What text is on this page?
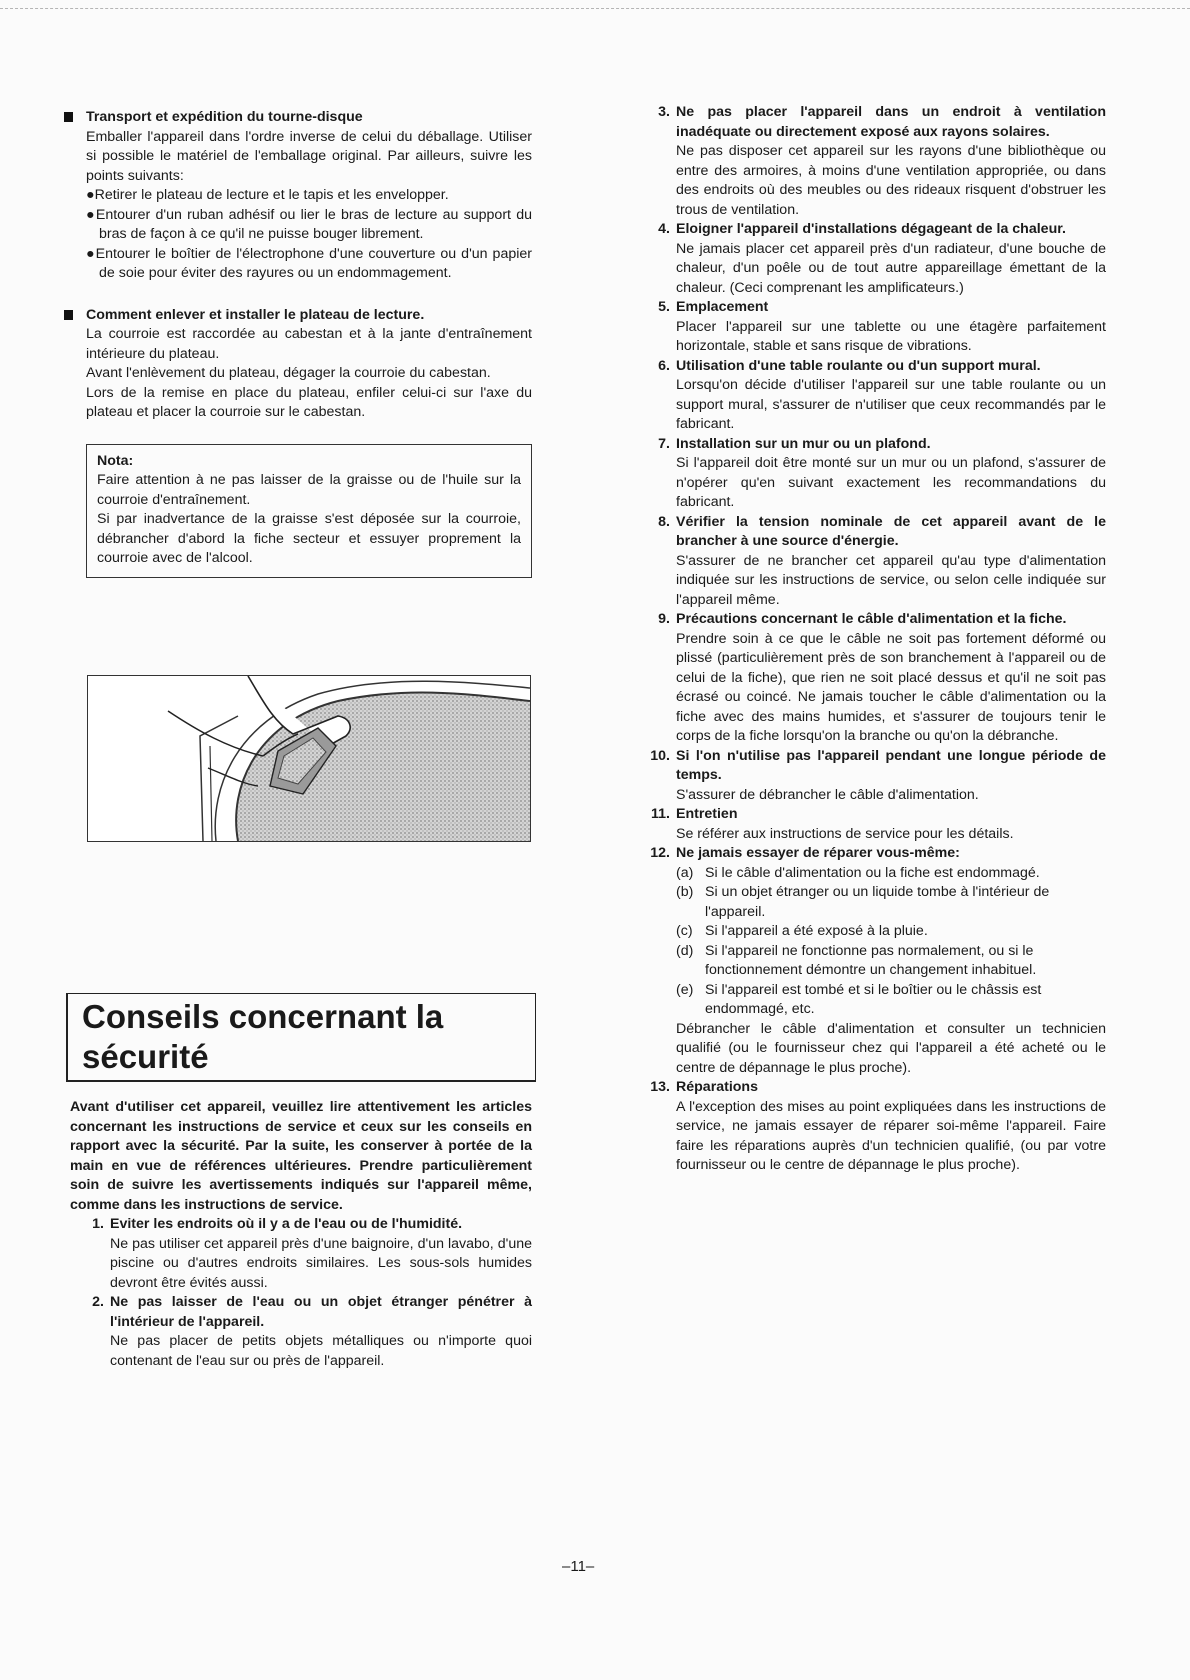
Transport et expédition du tourne-disque

Emballer l'appareil dans l'ordre inverse de celui du déballage. Utiliser si possible le matériel de l'emballage original. Par ailleurs, suivre les points suivants:

●Retirer le plateau de lecture et le tapis et les envelopper.

●Entourer d'un ruban adhésif ou lier le bras de lecture au support du bras de façon à ce qu'il ne puisse bouger librement.

●Entourer le boîtier de l'électrophone d'une couverture ou d'un papier de soie pour éviter des rayures ou un endommagement.

Comment enlever et installer le plateau de lecture.

La courroie est raccordée au cabestan et à la jante d'entraînement intérieure du plateau.

Avant l'enlèvement du plateau, dégager la courroie du cabestan.

Lors de la remise en place du plateau, enfiler celui-ci sur l'axe du plateau et placer la courroie sur le cabestan.

Nota:

Faire attention à ne pas laisser de la graisse ou de l'huile sur la courroie d'entraînement.

Si par inadvertance de la graisse s'est déposée sur la courroie, débrancher d'abord la fiche secteur et essuyer proprement la courroie avec de l'alcool.

Conseils concernant la sécurité

Avant d'utiliser cet appareil, veuillez lire attentivement les articles concernant les instructions de service et ceux sur les conseils en rapport avec la sécurité. Par la suite, les conserver à portée de la main en vue de références ultérieures. Prendre particulièrement soin de suivre les avertissements indiqués sur l'appareil même, comme dans les instructions de service.

1. Eviter les endroits où il y a de l'eau ou de l'humidité.

Ne pas utiliser cet appareil près d'une baignoire, d'un lavabo, d'une piscine ou d'autres endroits similaires. Les sous-sols humides devront être évités aussi.

2. Ne pas laisser de l'eau ou un objet étranger pénétrer à l'intérieur de l'appareil.

Ne pas placer de petits objets métalliques ou n'importe quoi contenant de l'eau sur ou près de l'appareil.

3. Ne pas placer l'appareil dans un endroit à ventilation inadéquate ou directement exposé aux rayons solaires.

Ne pas disposer cet appareil sur les rayons d'une bibliothèque ou entre des armoires, à moins d'une ventilation appropriée, ou dans des endroits où des meubles ou des rideaux risquent d'obstruer les trous de ventilation.

4. Eloigner l'appareil d'installations dégageant de la chaleur.

Ne jamais placer cet appareil près d'un radiateur, d'une bouche de chaleur, d'un poêle ou de tout autre appareillage émettant de la chaleur. (Ceci comprenant les amplificateurs.)

5. Emplacement

Placer l'appareil sur une tablette ou une étagère parfaitement horizontale, stable et sans risque de vibrations.

6. Utilisation d'une table roulante ou d'un support mural.

Lorsqu'on décide d'utiliser l'appareil sur une table roulante ou un support mural, s'assurer de n'utiliser que ceux recommandés par le fabricant.

7. Installation sur un mur ou un plafond.

Si l'appareil doit être monté sur un mur ou un plafond, s'assurer de n'opérer qu'en suivant exactement les recommandations du fabricant.

8. Vérifier la tension nominale de cet appareil avant de le brancher à une source d'énergie.

S'assurer de ne brancher cet appareil qu'au type d'alimentation indiquée sur les instructions de service, ou selon celle indiquée sur l'appareil même.

9. Précautions concernant le câble d'alimentation et la fiche.

Prendre soin à ce que le câble ne soit pas fortement déformé ou plissé (particulièrement près de son branchement à l'appareil ou de celui de la fiche), que rien ne soit placé dessus et qu'il ne soit pas écrasé ou coincé. Ne jamais toucher le câble d'alimentation ou la fiche avec des mains humides, et s'assurer de toujours tenir le corps de la fiche lorsqu'on la branche ou qu'on la débranche.

10. Si l'on n'utilise pas l'appareil pendant une longue période de temps.

S'assurer de débrancher le câble d'alimentation.

11. Entretien

Se référer aux instructions de service pour les détails.

12. Ne jamais essayer de réparer vous-même:

(a) Si le câble d'alimentation ou la fiche est endommagé.

(b) Si un objet étranger ou un liquide tombe à l'intérieur de l'appareil.

(c) Si l'appareil a été exposé à la pluie.

(d) Si l'appareil ne fonctionne pas normalement, ou si le fonctionnement démontre un changement inhabituel.

(e) Si l'appareil est tombé et si le boîtier ou le châssis est endommagé, etc.

Débrancher le câble d'alimentation et consulter un technicien qualifié (ou le fournisseur chez qui l'appareil a été acheté ou le centre de dépannage le plus proche).

13. Réparations

A l'exception des mises au point expliquées dans les instructions de service, ne jamais essayer de réparer soi-même l'appareil. Faire faire les réparations auprès d'un technicien qualifié, (ou par votre fournisseur ou le centre de dépannage le plus proche).

–11–
